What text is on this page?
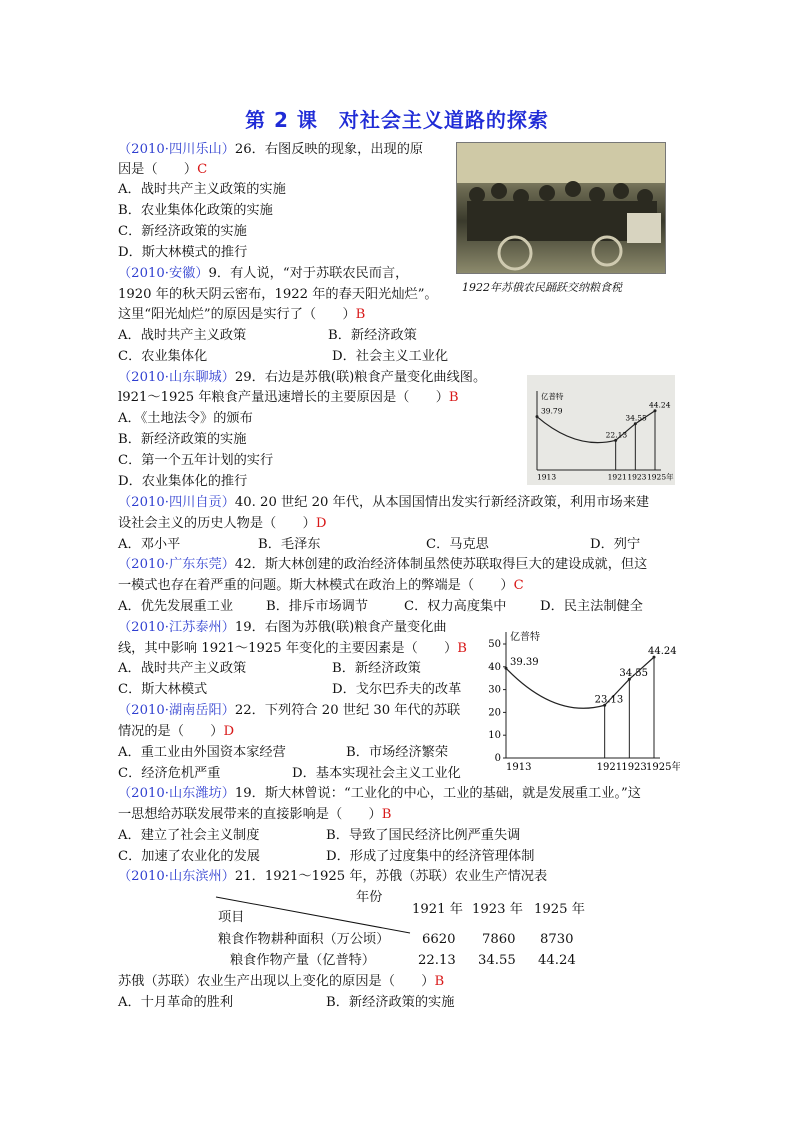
第 2 课　对社会主义道路的探索
（2010·四川乐山）26．右图反映的现象，出现的原
因是（　　）C
A．战时共产主义政策的实施
B．农业集体化政策的实施
C．新经济政策的实施
D．斯大林模式的推行
1922年苏俄农民踊跃交纳粮食税
（2010·安徽）9．有人说，“对于苏联农民而言，
1920 年的秋天阴云密布，1922 年的春天阳光灿烂”。
这里“阳光灿烂”的原因是实行了（　　）B
A．战时共产主义政策	B．新经济政策
C．农业集体化	D．社会主义工业化
（2010·山东聊城）29．右边是苏俄(联)粮食产量变化曲线图。
l921～1925 年粮食产量迅速增长的主要原因是（　　）B
A．《土地法令》的颁布
B．新经济政策的实施
C．第一个五年计划的实行
D．农业集体化的推行
亿普特
39.79
1913
22.13
1921
34.55
1923
44.24
1925年
（2010·四川自贡）40. 20 世纪 20 年代，从本国国情出发实行新经济政策，利用市场来建
设社会主义的历史人物是（　　）D
A．邓小平	B．毛泽东	C．马克思	D．列宁
（2010·广东东莞）42．斯大林创建的政治经济体制虽然使苏联取得巨大的建设成就，但这
一模式也存在着严重的问题。斯大林模式在政治上的弊端是（　　）C
A．优先发展重工业 B．排斥市场调节	C．权力高度集中	D．民主法制健全
（2010·江苏泰州）19．右图为苏俄(联)粮食产量变化曲
线，其中影响 1921～1925 年变化的主要因素是（　　）B
A．战时共产主义政策	B．新经济政策
C．斯大林模式	D．戈尔巴乔夫的改革
亿普特
0
10
20
30
40
50
39.39
1913
23.13
1921
34.55
1923
44.24
1925年
（2010·湖南岳阳）22．下列符合 20 世纪 30 年代的苏联
情况的是（　　）D
A．重工业由外国资本家经营	B．市场经济繁荣
C．经济危机严重	D．基本实现社会主义工业化
（2010·山东潍坊）19．斯大林曾说：“工业化的中心，工业的基础，就是发展重工业。”这
一思想给苏联发展带来的直接影响是（　　）B
A．建立了社会主义制度	B．导致了国民经济比例严重失调
C．加速了农业化的发展	D．形成了过度集中的经济管理体制
（2010·山东滨州）21．1921～1925 年，苏俄（苏联）农业生产情况表
年份
项目
1921 年 1923 年 1925 年
粮食作物耕种面积（万公顷） 6620 7860 8730
粮食作物产量（亿普特）	22.13 34.55 44.24
苏俄（苏联）农业生产出现以上变化的原因是（　　）B
A．十月革命的胜利	B．新经济政策的实施
